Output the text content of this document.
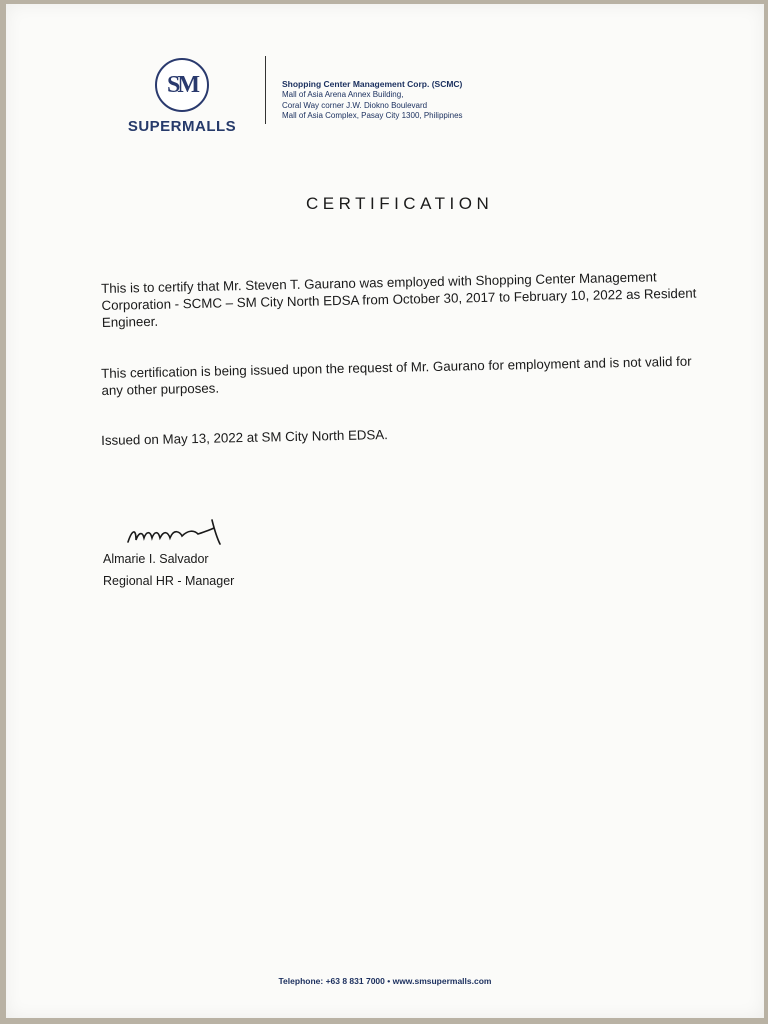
SM
SUPERMALLS
Shopping Center Management Corp. (SCMC)
Mall of Asia Arena Annex Building,
Coral Way corner J.W. Diokno Boulevard
Mall of Asia Complex, Pasay City 1300, Philippines
CERTIFICATION
This is to certify that Mr. Steven T. Gaurano was employed with Shopping Center Management Corporation - SCMC – SM City North EDSA from October 30, 2017 to February 10, 2022 as Resident Engineer.
This certification is being issued upon the request of Mr. Gaurano for employment and is not valid for any other purposes.
Issued on May 13, 2022 at SM City North EDSA.
Almarie I. Salvador
Regional HR - Manager
Telephone: +63 8 831 7000 • www.smsupermalls.com
